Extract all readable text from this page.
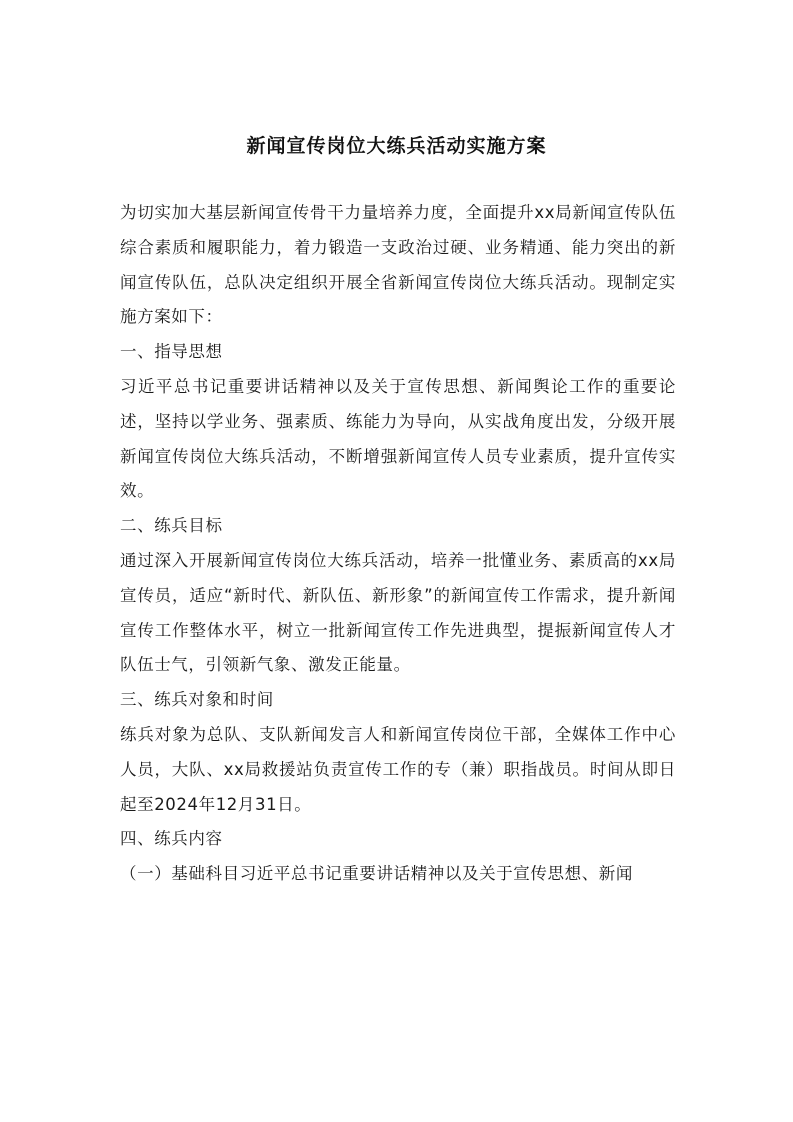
新闻宣传岗位大练兵活动实施方案

为切实加大基层新闻宣传骨干力量培养力度，全面提升xx局新闻宣传队伍综合素质和履职能力，着力锻造一支政治过硬、业务精通、能力突出的新闻宣传队伍，总队决定组织开展全省新闻宣传岗位大练兵活动。现制定实施方案如下：

一、指导思想

习近平总书记重要讲话精神以及关于宣传思想、新闻舆论工作的重要论述，坚持以学业务、强素质、练能力为导向，从实战角度出发，分级开展新闻宣传岗位大练兵活动，不断增强新闻宣传人员专业素质，提升宣传实效。

二、练兵目标

通过深入开展新闻宣传岗位大练兵活动，培养一批懂业务、素质高的xx局宣传员，适应“新时代、新队伍、新形象”的新闻宣传工作需求，提升新闻宣传工作整体水平，树立一批新闻宣传工作先进典型，提振新闻宣传人才队伍士气，引领新气象、激发正能量。

三、练兵对象和时间

练兵对象为总队、支队新闻发言人和新闻宣传岗位干部，全媒体工作中心人员，大队、xx局救援站负责宣传工作的专（兼）职指战员。时间从即日起至2024年12月31日。

四、练兵内容

（一）基础科目习近平总书记重要讲话精神以及关于宣传思想、新闻
